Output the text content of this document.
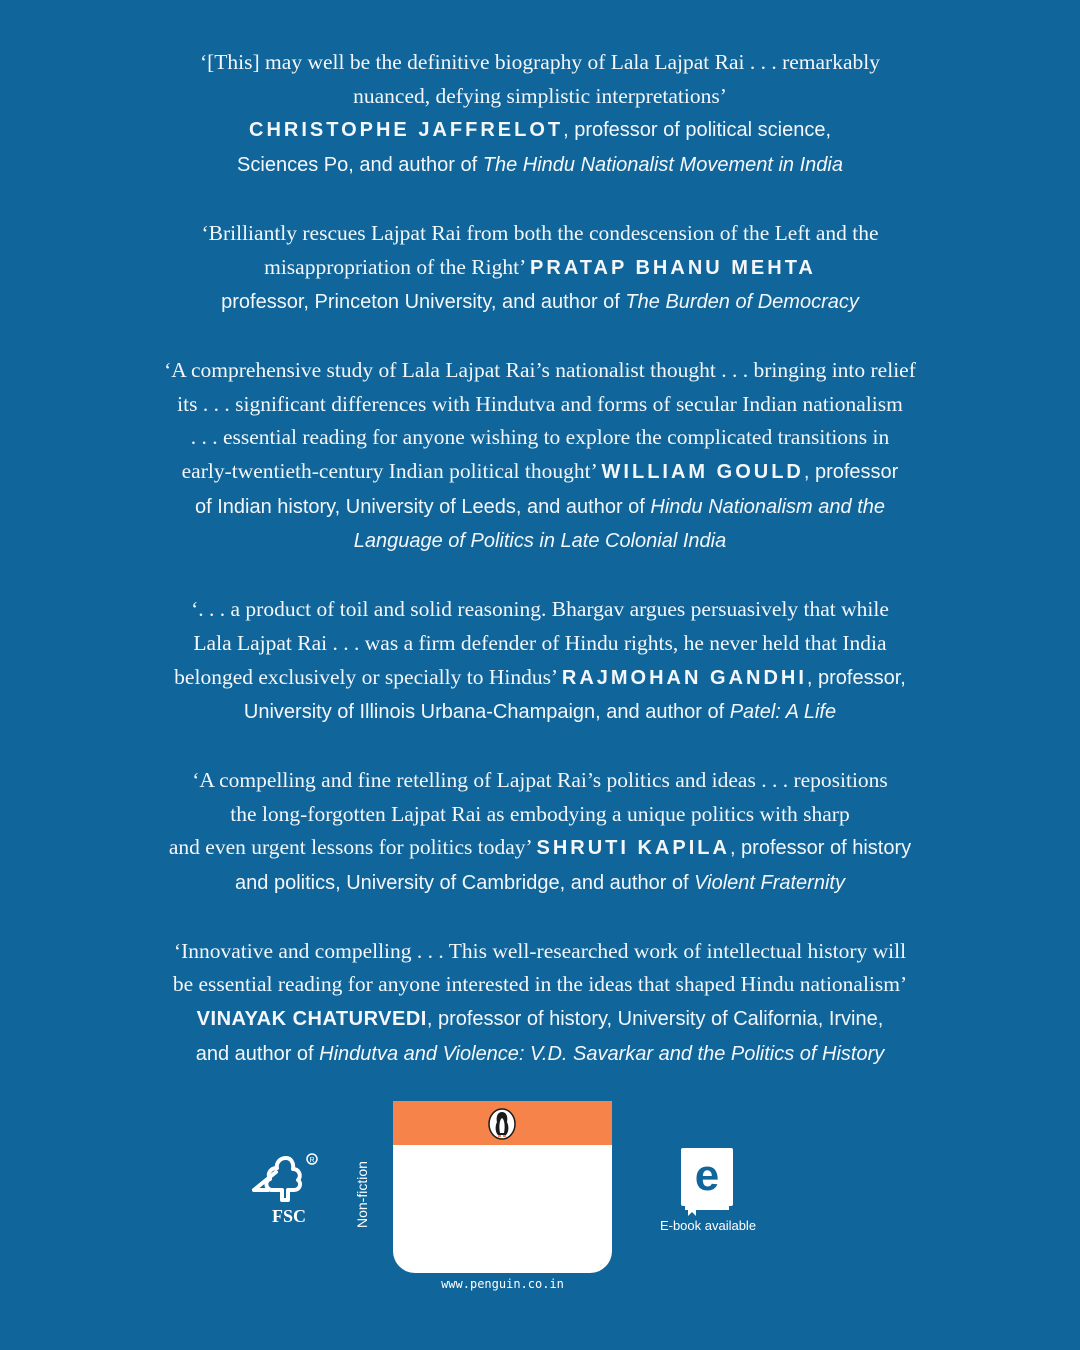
‘[This] may well be the definitive biography of Lala Lajpat Rai . . . remarkably
nuanced, defying simplistic interpretations’
CHRISTOPHE JAFFRELOT, professor of political science,
Sciences Po, and author of The Hindu Nationalist Movement in India
‘Brilliantly rescues Lajpat Rai from both the condescension of the Left and the
misappropriation of the Right’ PRATAP BHANU MEHTA
professor, Princeton University, and author of The Burden of Democracy
‘A comprehensive study of Lala Lajpat Rai’s nationalist thought . . . bringing into relief
its . . . significant differences with Hindutva and forms of secular Indian nationalism
. . . essential reading for anyone wishing to explore the complicated transitions in
early-twentieth-century Indian political thought’ WILLIAM GOULD, professor
of Indian history, University of Leeds, and author of Hindu Nationalism and the
Language of Politics in Late Colonial India
‘. . . a product of toil and solid reasoning. Bhargav argues persuasively that while
Lala Lajpat Rai . . . was a firm defender of Hindu rights, he never held that India
belonged exclusively or specially to Hindus’ RAJMOHAN GANDHI, professor,
University of Illinois Urbana-Champaign, and author of Patel: A Life
‘A compelling and fine retelling of Lajpat Rai’s politics and ideas . . . repositions
the long-forgotten Lajpat Rai as embodying a unique politics with sharp
and even urgent lessons for politics today’ SHRUTI KAPILA, professor of history
and politics, University of Cambridge, and author of Violent Fraternity
‘Innovative and compelling . . . This well-researched work of intellectual history will
be essential reading for anyone interested in the ideas that shaped Hindu nationalism’
VINAYAK CHATURVEDI, professor of history, University of California, Irvine,
and author of Hindutva and Violence: V.D. Savarkar and the Politics of History
R
FSC	Non-fiction
www.penguin.co.in
e
E-book available
